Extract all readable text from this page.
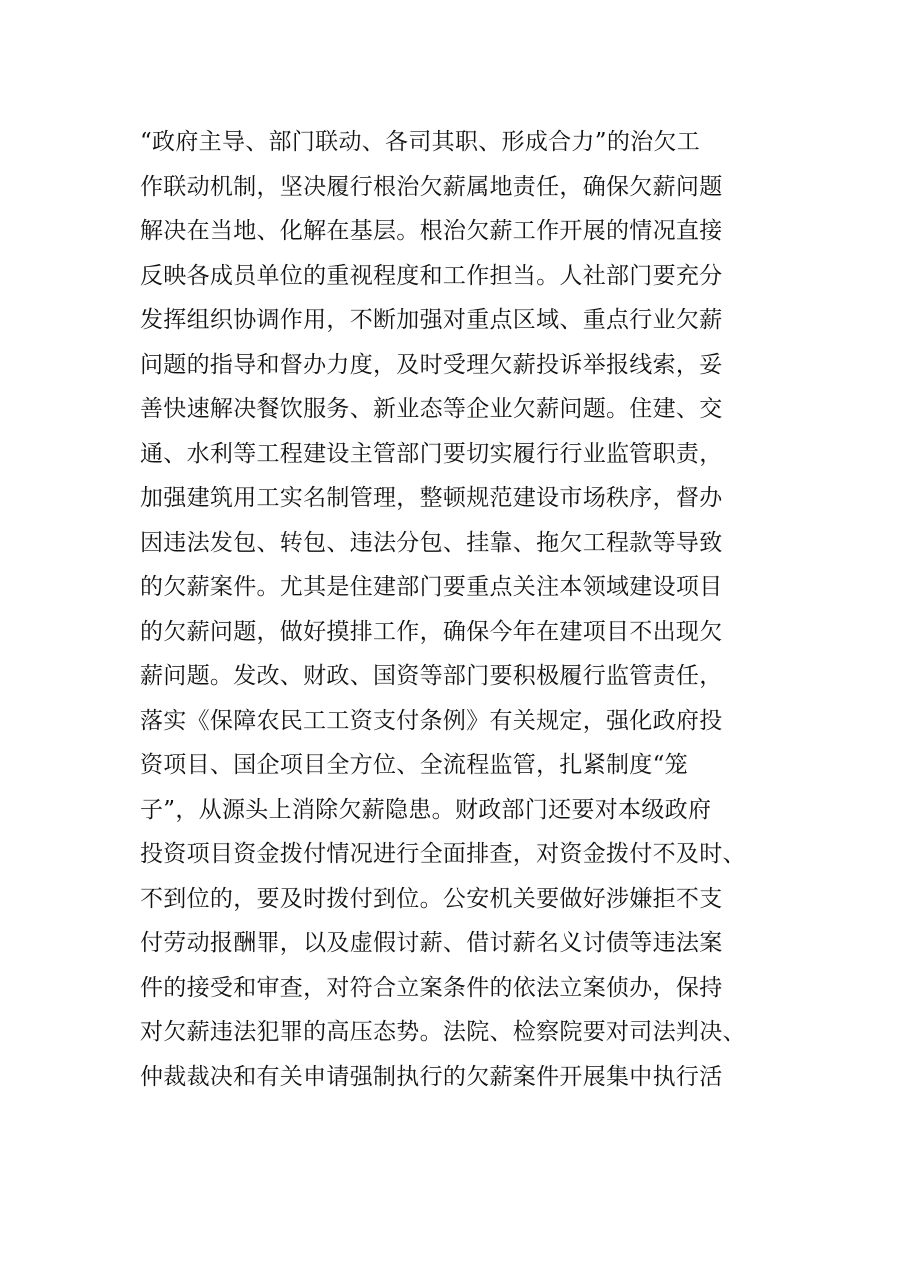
“政府主导、部门联动、各司其职、形成合力”的治欠工
作联动机制，坚决履行根治欠薪属地责任，确保欠薪问题
解决在当地、化解在基层。根治欠薪工作开展的情况直接
反映各成员单位的重视程度和工作担当。人社部门要充分
发挥组织协调作用，不断加强对重点区域、重点行业欠薪
问题的指导和督办力度，及时受理欠薪投诉举报线索，妥
善快速解决餐饮服务、新业态等企业欠薪问题。住建、交
通、水利等工程建设主管部门要切实履行行业监管职责，
加强建筑用工实名制管理，整顿规范建设市场秩序，督办
因违法发包、转包、违法分包、挂靠、拖欠工程款等导致
的欠薪案件。尤其是住建部门要重点关注本领域建设项目
的欠薪问题，做好摸排工作，确保今年在建项目不出现欠
薪问题。发改、财政、国资等部门要积极履行监管责任，
落实《保障农民工工资支付条例》有关规定，强化政府投
资项目、国企项目全方位、全流程监管，扎紧制度“笼
子”，从源头上消除欠薪隐患。财政部门还要对本级政府
投资项目资金拨付情况进行全面排查，对资金拨付不及时、
不到位的，要及时拨付到位。公安机关要做好涉嫌拒不支
付劳动报酬罪，以及虚假讨薪、借讨薪名义讨债等违法案
件的接受和审查，对符合立案条件的依法立案侦办，保持
对欠薪违法犯罪的高压态势。法院、检察院要对司法判决、
仲裁裁决和有关申请强制执行的欠薪案件开展集中执行活
